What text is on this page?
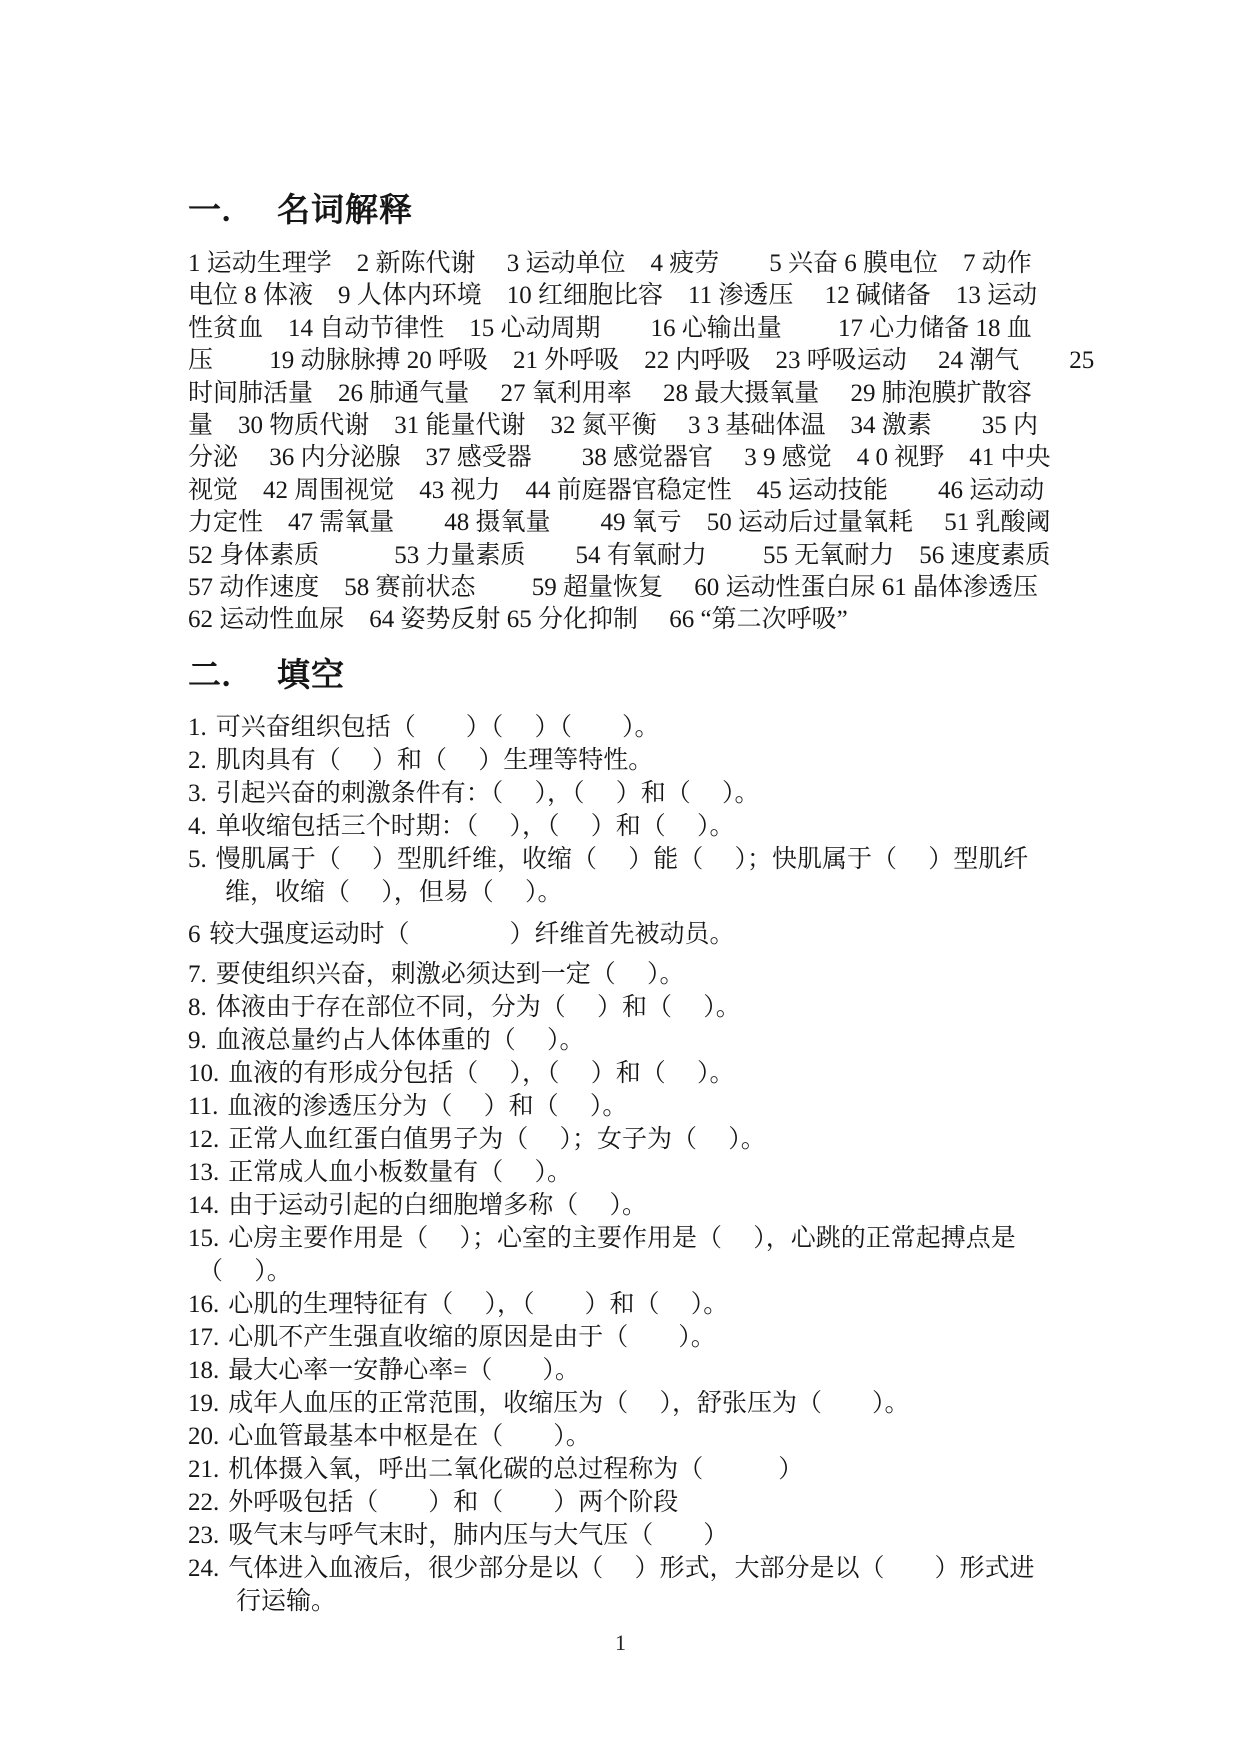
一. 名词解释
1 运动生理学　2 新陈代谢　 3 运动单位　4 疲劳　　5 兴奋 6 膜电位　7 动作
电位 8 体液　9 人体内环境　10 红细胞比容　11 渗透压　 12 碱储备　13 运动
性贫血　14 自动节律性　15 心动周期　　16 心输出量　　 17 心力储备 18 血
压　　 19 动脉脉搏 20 呼吸　21 外呼吸　22 内呼吸　23 呼吸运动　 24 潮气　　25
时间肺活量　26 肺通气量　 27 氧利用率　 28 最大摄氧量　 29 肺泡膜扩散容
量　30 物质代谢　31 能量代谢　32 氮平衡　 3 3 基础体温　34 激素　　35 内
分泌　 36 内分泌腺　37 感受器　　38 感觉器官　 3 9 感觉　4 0 视野　41 中央
视觉　42 周围视觉　43 视力　44 前庭器官稳定性　45 运动技能　　46 运动动
力定性　47 需氧量　　48 摄氧量　　49 氧亏　50 运动后过量氧耗　 51 乳酸阈
52 身体素质　　　53 力量素质　　54 有氧耐力　　 55 无氧耐力　56 速度素质
57 动作速度　58 赛前状态　　 59 超量恢复　 60 运动性蛋白尿 61 晶体渗透压
62 运动性血尿　64 姿势反射 65 分化抑制　 66 “第二次呼吸”
二. 填空
1. 可兴奋组织包括（　　）（　 ）（　　）。
2. 肌肉具有（　 ）和（　 ）生理等特性。
3. 引起兴奋的刺激条件有：（　 ），（　 ）和（　 ）。
4. 单收缩包括三个时期：（　 ），（　 ）和（　 ）。
5. 慢肌属于（　 ）型肌纤维，收缩（　 ）能（　 ）；快肌属于（　 ）型肌纤
维，收缩（　 ），但易（　 ）。
6 较大强度运动时（　　　　）纤维首先被动员。
7. 要使组织兴奋，刺激必须达到一定（　 ）。
8. 体液由于存在部位不同，分为（　 ）和（　 ）。
9. 血液总量约占人体体重的（　 ）。
10. 血液的有形成分包括（　 ），（　 ）和（　 ）。
11. 血液的渗透压分为（　 ）和（　 ）。
12. 正常人血红蛋白值男子为（　 ）；女子为（　 ）。
13. 正常成人血小板数量有（　 ）。
14. 由于运动引起的白细胞增多称（　 ）。
15. 心房主要作用是（　 ）；心室的主要作用是（　 ），心跳的正常起搏点是
（　 ）。
16. 心肌的生理特征有（　 ），（　　）和（　 ）。
17. 心肌不产生强直收缩的原因是由于（　　）。
18. 最大心率一安静心率=（　　）。
19. 成年人血压的正常范围，收缩压为（　 ），舒张压为（　　）。
20. 心血管最基本中枢是在（　　）。
21. 机体摄入氧，呼出二氧化碳的总过程称为（　　　）
22. 外呼吸包括（　　）和（　　）两个阶段
23. 吸气末与呼气末时，肺内压与大气压（　　）
24. 气体进入血液后，很少部分是以（　 ）形式，大部分是以（　　）形式进
行运输。
1
